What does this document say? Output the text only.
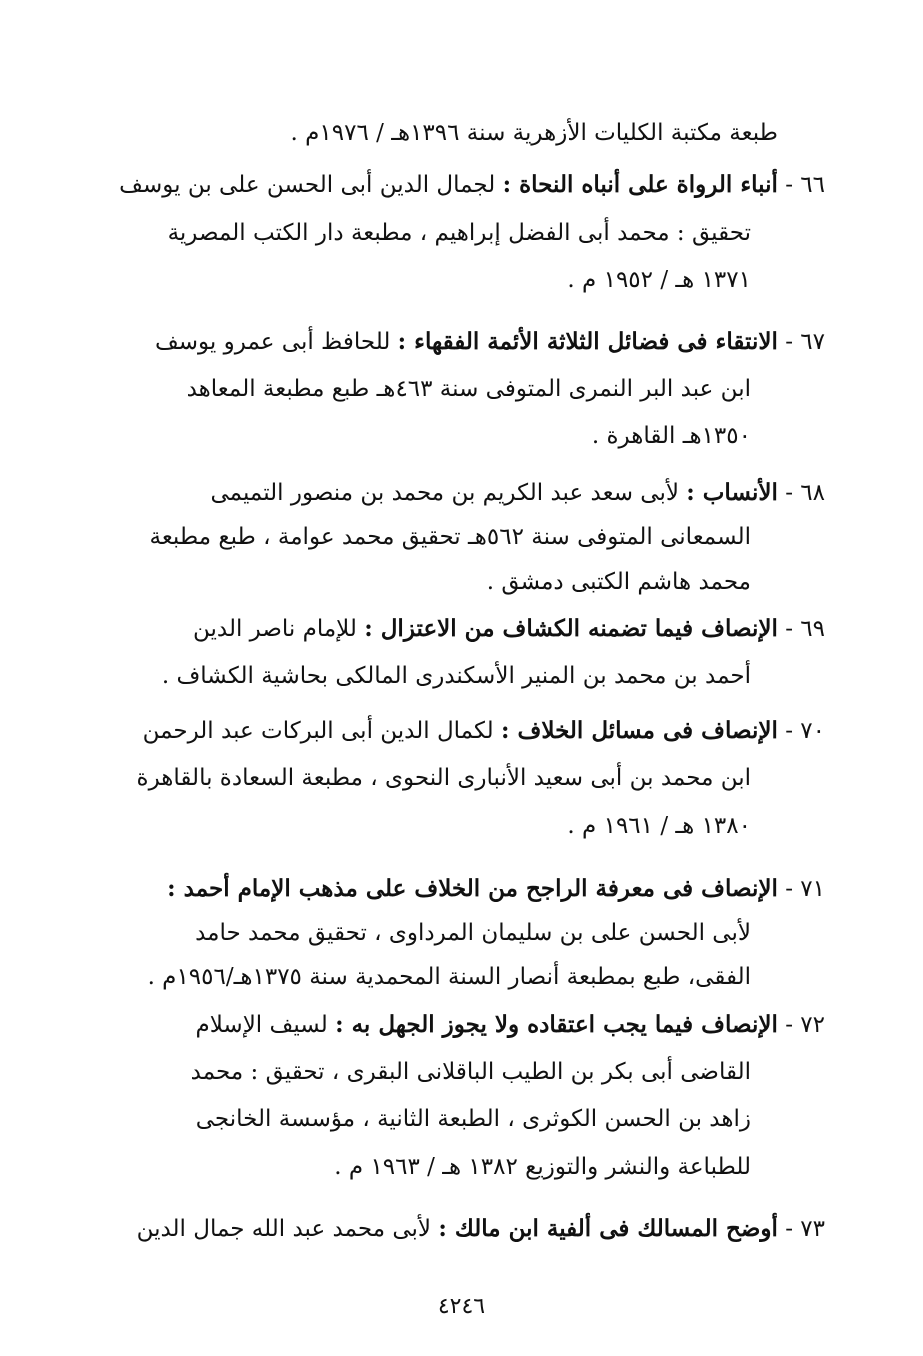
طبعة مكتبة الكليات الأزهرية سنة ١٣٩٦هـ / ١٩٧٦م .
٦٦ - أنباء الرواة على أنباه النحاة : لجمال الدين أبى الحسن على بن يوسف
تحقيق : محمد أبى الفضل إبراهيم ، مطبعة دار الكتب المصرية
١٣٧١ هـ / ١٩٥٢ م .
٦٧ - الانتقاء فى فضائل الثلاثة الأئمة الفقهاء : للحافظ أبى عمرو يوسف
ابن عبد البر النمرى المتوفى سنة ٤٦٣هـ طبع مطبعة المعاهد
١٣٥٠هـ القاهرة .
٦٨ - الأنساب : لأبى سعد عبد الكريم بن محمد بن منصور التميمى
السمعانى المتوفى سنة ٥٦٢هـ تحقيق محمد عوامة ، طبع مطبعة
محمد هاشم الكتبى دمشق .
٦٩ - الإنصاف فيما تضمنه الكشاف من الاعتزال : للإمام ناصر الدين
أحمد بن محمد بن المنير الأسكندرى المالكى بحاشية الكشاف .
٧٠ - الإنصاف فى مسائل الخلاف : لكمال الدين أبى البركات عبد الرحمن
ابن محمد بن أبى سعيد الأنبارى النحوى ، مطبعة السعادة بالقاهرة
١٣٨٠ هـ / ١٩٦١ م .
٧١ - الإنصاف فى معرفة الراجح من الخلاف على مذهب الإمام أحمد :
لأبى الحسن على بن سليمان المرداوى ، تحقيق محمد حامد
الفقى، طبع بمطبعة أنصار السنة المحمدية سنة ١٣٧٥هـ/١٩٥٦م .
٧٢ - الإنصاف فيما يجب اعتقاده ولا يجوز الجهل به : لسيف الإسلام
القاضى أبى بكر بن الطيب الباقلانى البقرى ، تحقيق : محمد
زاهد بن الحسن الكوثرى ، الطبعة الثانية ، مؤسسة الخانجى
للطباعة والنشر والتوزيع ١٣٨٢ هـ / ١٩٦٣ م .
٧٣ - أوضح المسالك فى ألفية ابن مالك : لأبى محمد عبد الله جمال الدين
٤٢٤٦
